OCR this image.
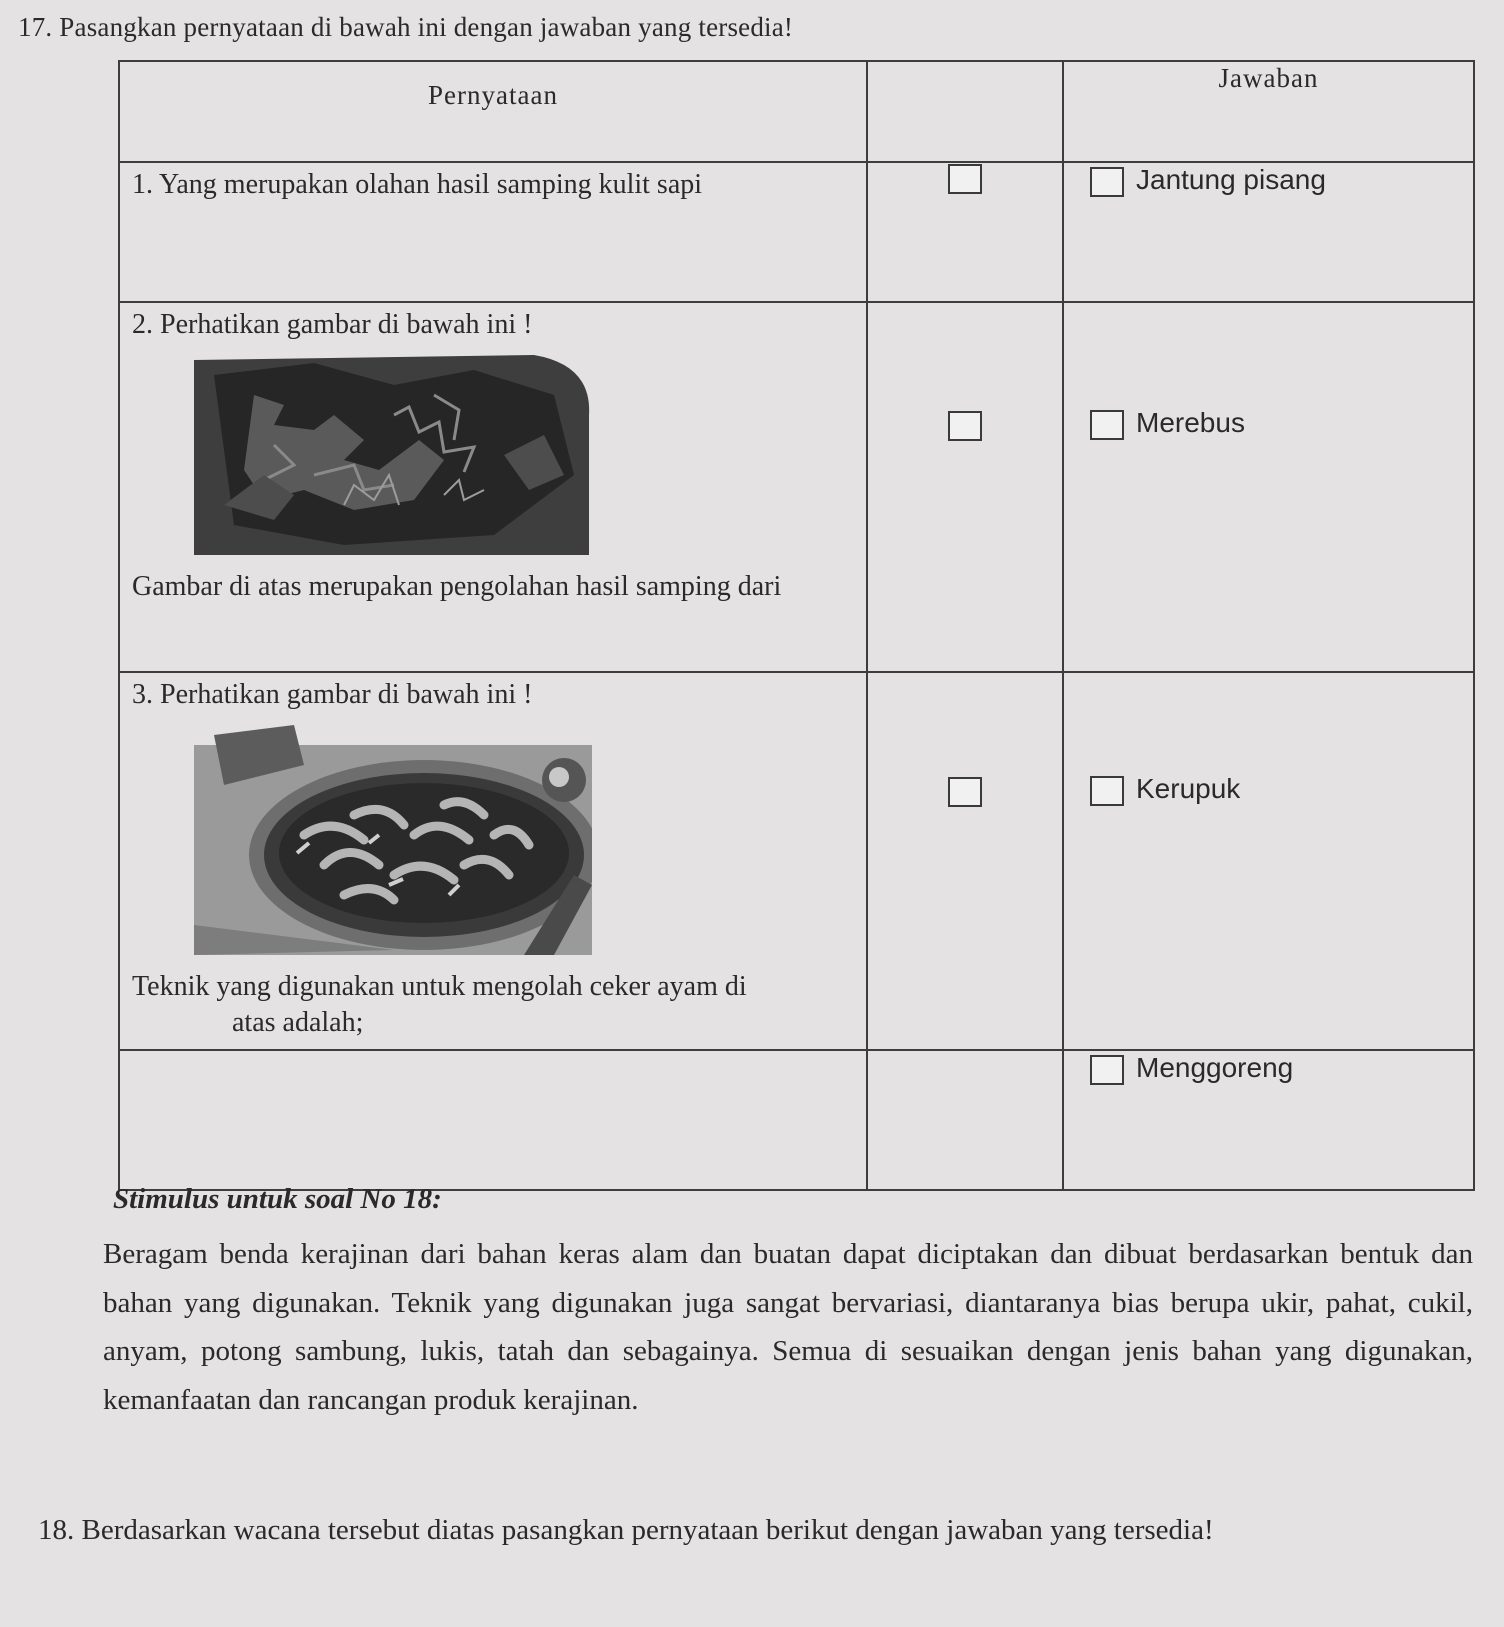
17. Pasangkan pernyataan di bawah ini dengan jawaban yang tersedia!
Pernyataan		Jawaban

1. Yang merupakan olahan hasil samping kulit sapi		Jantung pisang

2. Perhatikan gambar di bawah ini !
Gambar di atas merupakan pengolahan hasil samping dari		Merebus

3. Perhatikan gambar di bawah ini !
Teknik yang digunakan untuk mengolah ceker ayam di
atas adalah;		Kerupuk
		Menggoreng
Stimulus untuk soal No 18:

Beragam benda kerajinan dari bahan keras alam dan buatan dapat diciptakan dan dibuat berdasarkan bentuk dan bahan yang digunakan. Teknik yang digunakan juga sangat bervariasi, diantaranya bias berupa ukir, pahat, cukil, anyam, potong sambung, lukis, tatah dan sebagainya. Semua di sesuaikan dengan jenis bahan yang digunakan, kemanfaatan dan rancangan produk kerajinan.

18. Berdasarkan wacana tersebut diatas pasangkan pernyataan berikut dengan jawaban yang tersedia!
